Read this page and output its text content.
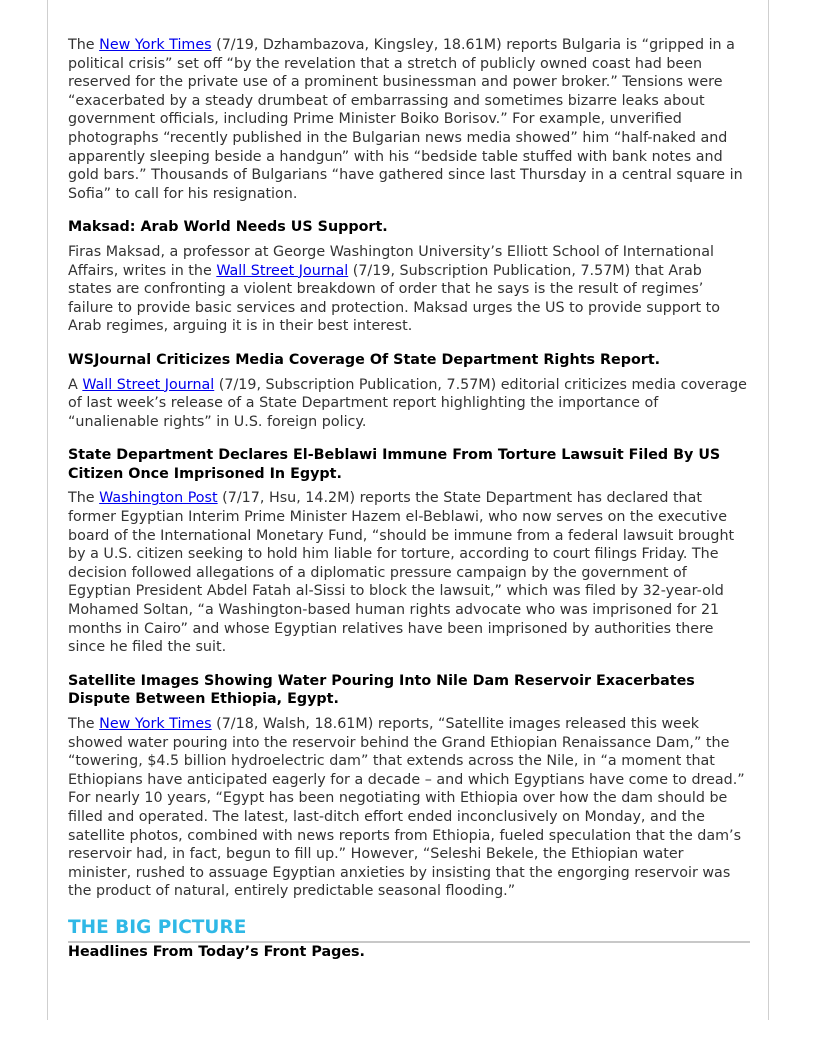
The New York Times (7/19, Dzhambazova, Kingsley, 18.61M) reports Bulgaria is “gripped in a political crisis” set off “by the revelation that a stretch of publicly owned coast had been reserved for the private use of a prominent businessman and power broker.” Tensions were “exacerbated by a steady drumbeat of embarrassing and sometimes bizarre leaks about government officials, including Prime Minister Boiko Borisov.” For example, unverified photographs “recently published in the Bulgarian news media showed” him “half-naked and apparently sleeping beside a handgun” with his “bedside table stuffed with bank notes and gold bars.” Thousands of Bulgarians “have gathered since last Thursday in a central square in Sofia” to call for his resignation.

Maksad: Arab World Needs US Support.

Firas Maksad, a professor at George Washington University’s Elliott School of International Affairs, writes in the Wall Street Journal (7/19, Subscription Publication, 7.57M) that Arab states are confronting a violent breakdown of order that he says is the result of regimes’ failure to provide basic services and protection. Maksad urges the US to provide support to Arab regimes, arguing it is in their best interest.

WSJournal Criticizes Media Coverage Of State Department Rights Report.

A Wall Street Journal (7/19, Subscription Publication, 7.57M) editorial criticizes media coverage of last week’s release of a State Department report highlighting the importance of “unalienable rights” in U.S. foreign policy.

State Department Declares El-Beblawi Immune From Torture Lawsuit Filed By US Citizen Once Imprisoned In Egypt.

The Washington Post (7/17, Hsu, 14.2M) reports the State Department has declared that former Egyptian Interim Prime Minister Hazem el-Beblawi, who now serves on the executive board of the International Monetary Fund, “should be immune from a federal lawsuit brought by a U.S. citizen seeking to hold him liable for torture, according to court filings Friday. The decision followed allegations of a diplomatic pressure campaign by the government of Egyptian President Abdel Fatah al-Sissi to block the lawsuit,” which was filed by 32-year-old Mohamed Soltan, “a Washington-based human rights advocate who was imprisoned for 21 months in Cairo” and whose Egyptian relatives have been imprisoned by authorities there since he filed the suit.

Satellite Images Showing Water Pouring Into Nile Dam Reservoir Exacerbates Dispute Between Ethiopia, Egypt.

The New York Times (7/18, Walsh, 18.61M) reports, “Satellite images released this week showed water pouring into the reservoir behind the Grand Ethiopian Renaissance Dam,” the “towering, $4.5 billion hydroelectric dam” that extends across the Nile, in “a moment that Ethiopians have anticipated eagerly for a decade – and which Egyptians have come to dread.” For nearly 10 years, “Egypt has been negotiating with Ethiopia over how the dam should be filled and operated. The latest, last-ditch effort ended inconclusively on Monday, and the satellite photos, combined with news reports from Ethiopia, fueled speculation that the dam’s reservoir had, in fact, begun to fill up.” However, “Seleshi Bekele, the Ethiopian water minister, rushed to assuage Egyptian anxieties by insisting that the engorging reservoir was the product of natural, entirely predictable seasonal flooding.”

THE BIG PICTURE
Headlines From Today’s Front Pages.
